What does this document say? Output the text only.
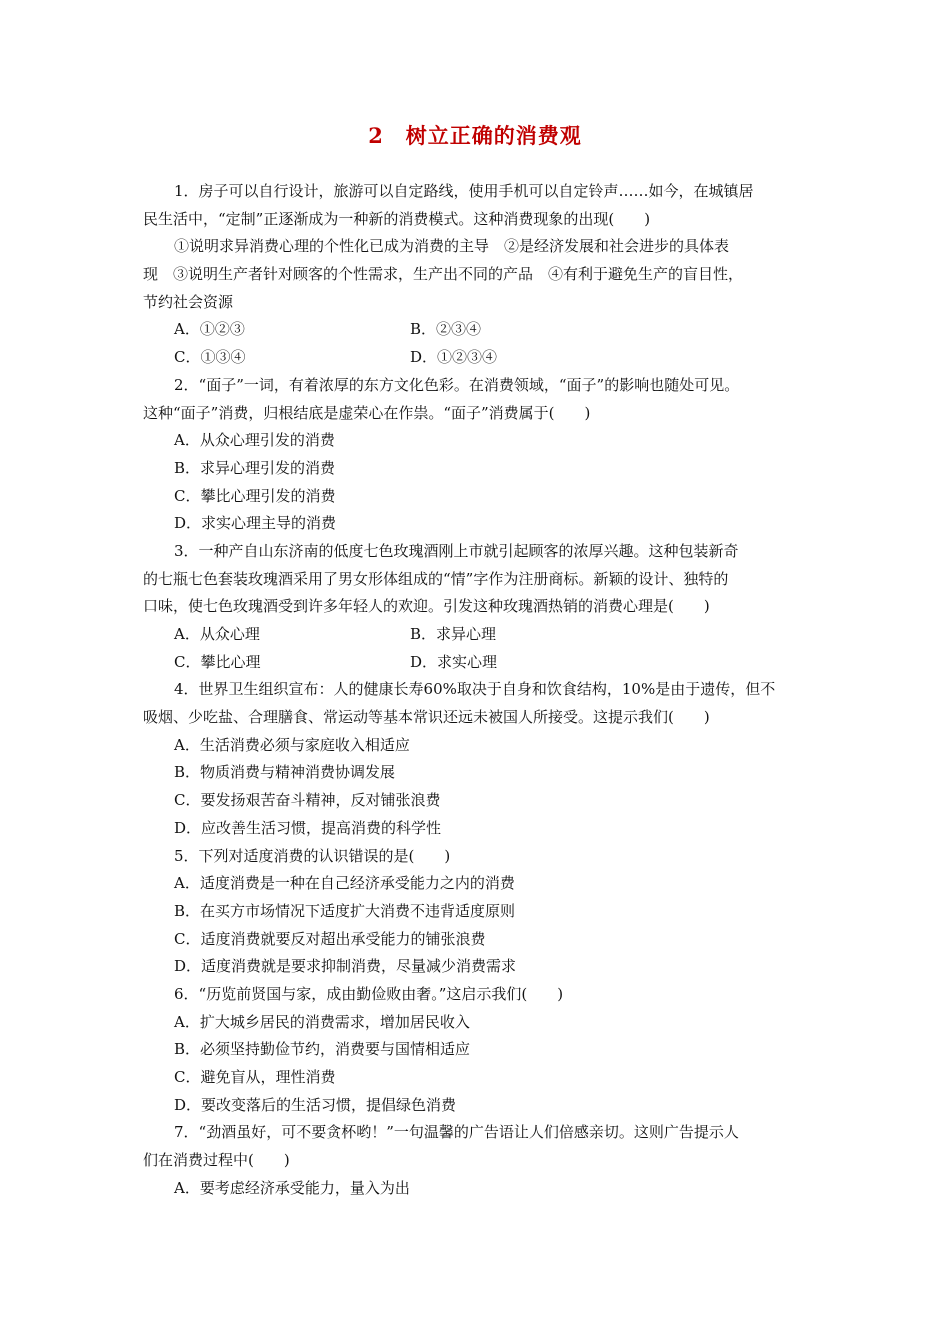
2　树立正确的消费观
1．房子可以自行设计，旅游可以自定路线，使用手机可以自定铃声……如今，在城镇居
民生活中，“定制”正逐渐成为一种新的消费模式。这种消费现象的出现(　　)
①说明求异消费心理的个性化已成为消费的主导　②是经济发展和社会进步的具体表
现　③说明生产者针对顾客的个性需求，生产出不同的产品　④有利于避免生产的盲目性，
节约社会资源
A．①②③	B．②③④
C．①③④	D．①②③④
2．“面子”一词，有着浓厚的东方文化色彩。在消费领域，“面子”的影响也随处可见。
这种“面子”消费，归根结底是虚荣心在作祟。“面子”消费属于(　　)
A．从众心理引发的消费
B．求异心理引发的消费
C．攀比心理引发的消费
D．求实心理主导的消费
3．一种产自山东济南的低度七色玫瑰酒刚上市就引起顾客的浓厚兴趣。这种包装新奇
的七瓶七色套装玫瑰酒采用了男女形体组成的“情”字作为注册商标。新颖的设计、独特的
口味，使七色玫瑰酒受到许多年轻人的欢迎。引发这种玫瑰酒热销的消费心理是(　　)
A．从众心理	B．求异心理
C．攀比心理	D．求实心理
4．世界卫生组织宣布：人的健康长寿60%取决于自身和饮食结构，10%是由于遗传，但不
吸烟、少吃盐、合理膳食、常运动等基本常识还远未被国人所接受。这提示我们(　　)
A．生活消费必须与家庭收入相适应
B．物质消费与精神消费协调发展
C．要发扬艰苦奋斗精神，反对铺张浪费
D．应改善生活习惯，提高消费的科学性
5．下列对适度消费的认识错误的是(　　)
A．适度消费是一种在自己经济承受能力之内的消费
B．在买方市场情况下适度扩大消费不违背适度原则
C．适度消费就要反对超出承受能力的铺张浪费
D．适度消费就是要求抑制消费，尽量减少消费需求
6．“历览前贤国与家，成由勤俭败由奢。”这启示我们(　　)
A．扩大城乡居民的消费需求，增加居民收入
B．必须坚持勤俭节约，消费要与国情相适应
C．避免盲从，理性消费
D．要改变落后的生活习惯，提倡绿色消费
7．“劲酒虽好，可不要贪杯哟！”一句温馨的广告语让人们倍感亲切。这则广告提示人
们在消费过程中(　　)
A．要考虑经济承受能力，量入为出
